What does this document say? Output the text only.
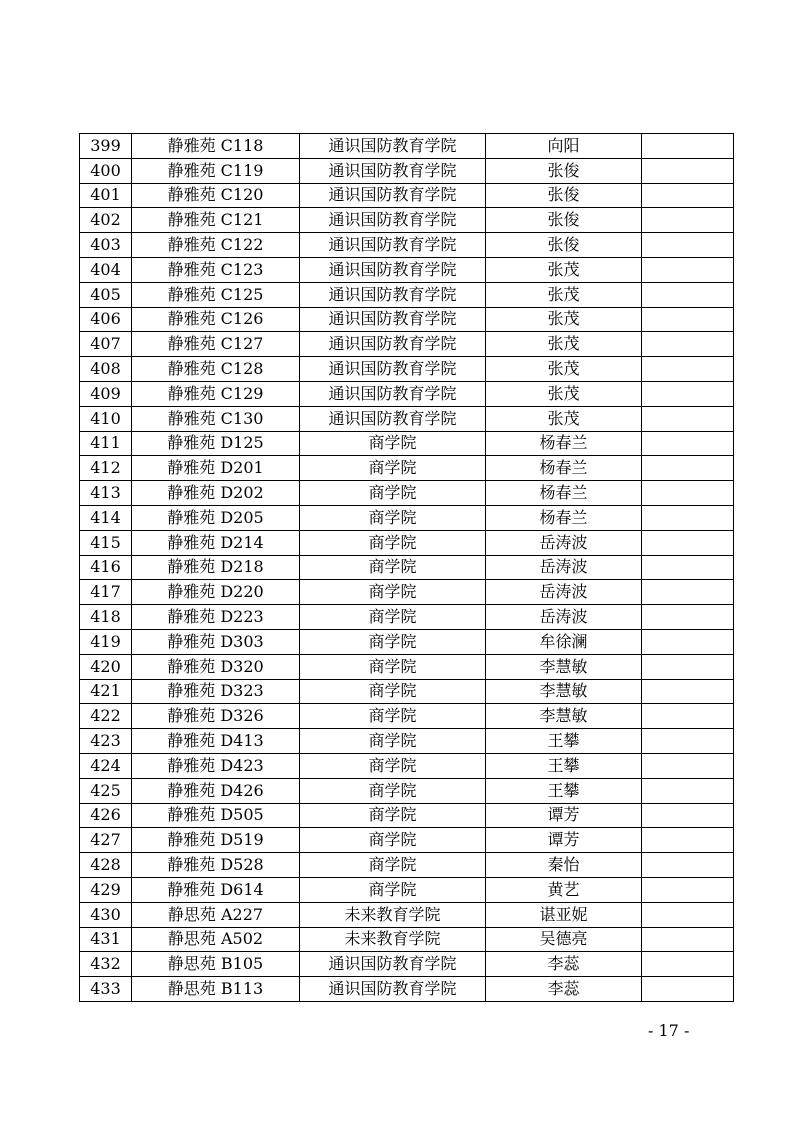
399	静雅苑 C118	通识国防教育学院	向阳	
400	静雅苑 C119	通识国防教育学院	张俊	
401	静雅苑 C120	通识国防教育学院	张俊	
402	静雅苑 C121	通识国防教育学院	张俊	
403	静雅苑 C122	通识国防教育学院	张俊	
404	静雅苑 C123	通识国防教育学院	张茂	
405	静雅苑 C125	通识国防教育学院	张茂	
406	静雅苑 C126	通识国防教育学院	张茂	
407	静雅苑 C127	通识国防教育学院	张茂	
408	静雅苑 C128	通识国防教育学院	张茂	
409	静雅苑 C129	通识国防教育学院	张茂	
410	静雅苑 C130	通识国防教育学院	张茂	
411	静雅苑 D125	商学院	杨春兰	
412	静雅苑 D201	商学院	杨春兰	
413	静雅苑 D202	商学院	杨春兰	
414	静雅苑 D205	商学院	杨春兰	
415	静雅苑 D214	商学院	岳涛波	
416	静雅苑 D218	商学院	岳涛波	
417	静雅苑 D220	商学院	岳涛波	
418	静雅苑 D223	商学院	岳涛波	
419	静雅苑 D303	商学院	牟徐澜	
420	静雅苑 D320	商学院	李慧敏	
421	静雅苑 D323	商学院	李慧敏	
422	静雅苑 D326	商学院	李慧敏	
423	静雅苑 D413	商学院	王攀	
424	静雅苑 D423	商学院	王攀	
425	静雅苑 D426	商学院	王攀	
426	静雅苑 D505	商学院	谭芳	
427	静雅苑 D519	商学院	谭芳	
428	静雅苑 D528	商学院	秦怡	
429	静雅苑 D614	商学院	黄艺	
430	静思苑 A227	未来教育学院	谌亚妮	
431	静思苑 A502	未来教育学院	吴德亮	
432	静思苑 B105	通识国防教育学院	李蕊	
433	静思苑 B113	通识国防教育学院	李蕊	
- 17 -
